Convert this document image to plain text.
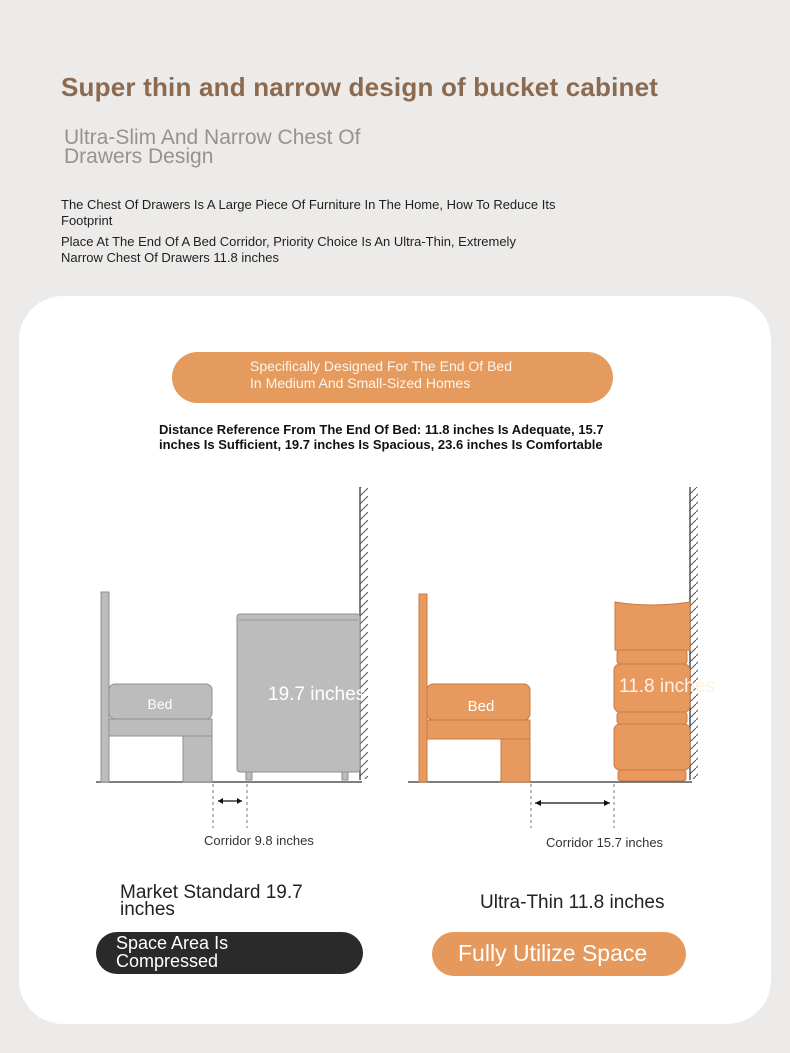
Super thin and narrow design of bucket cabinet
Ultra-Slim And Narrow Chest Of Drawers Design
The Chest Of Drawers Is A Large Piece Of Furniture In The Home, How To Reduce Its Footprint
Place At The End Of A Bed Corridor, Priority Choice Is An Ultra-Thin, Extremely Narrow Chest Of Drawers 11.8 inches
Specifically Designed For The End Of Bed
In Medium And Small-Sized Homes
Distance Reference From The End Of Bed: 11.8 inches Is Adequate, 15.7 inches Is Sufficient, 19.7 inches Is Spacious, 23.6 inches Is Comfortable
Bed	19.7 inches
Bed
11.8 inches
Corridor 9.8 inches	Corridor 15.7 inches
Market Standard 19.7 inches	Ultra-Thin 11.8 inches
Space Area Is Compressed	Fully Utilize Space
